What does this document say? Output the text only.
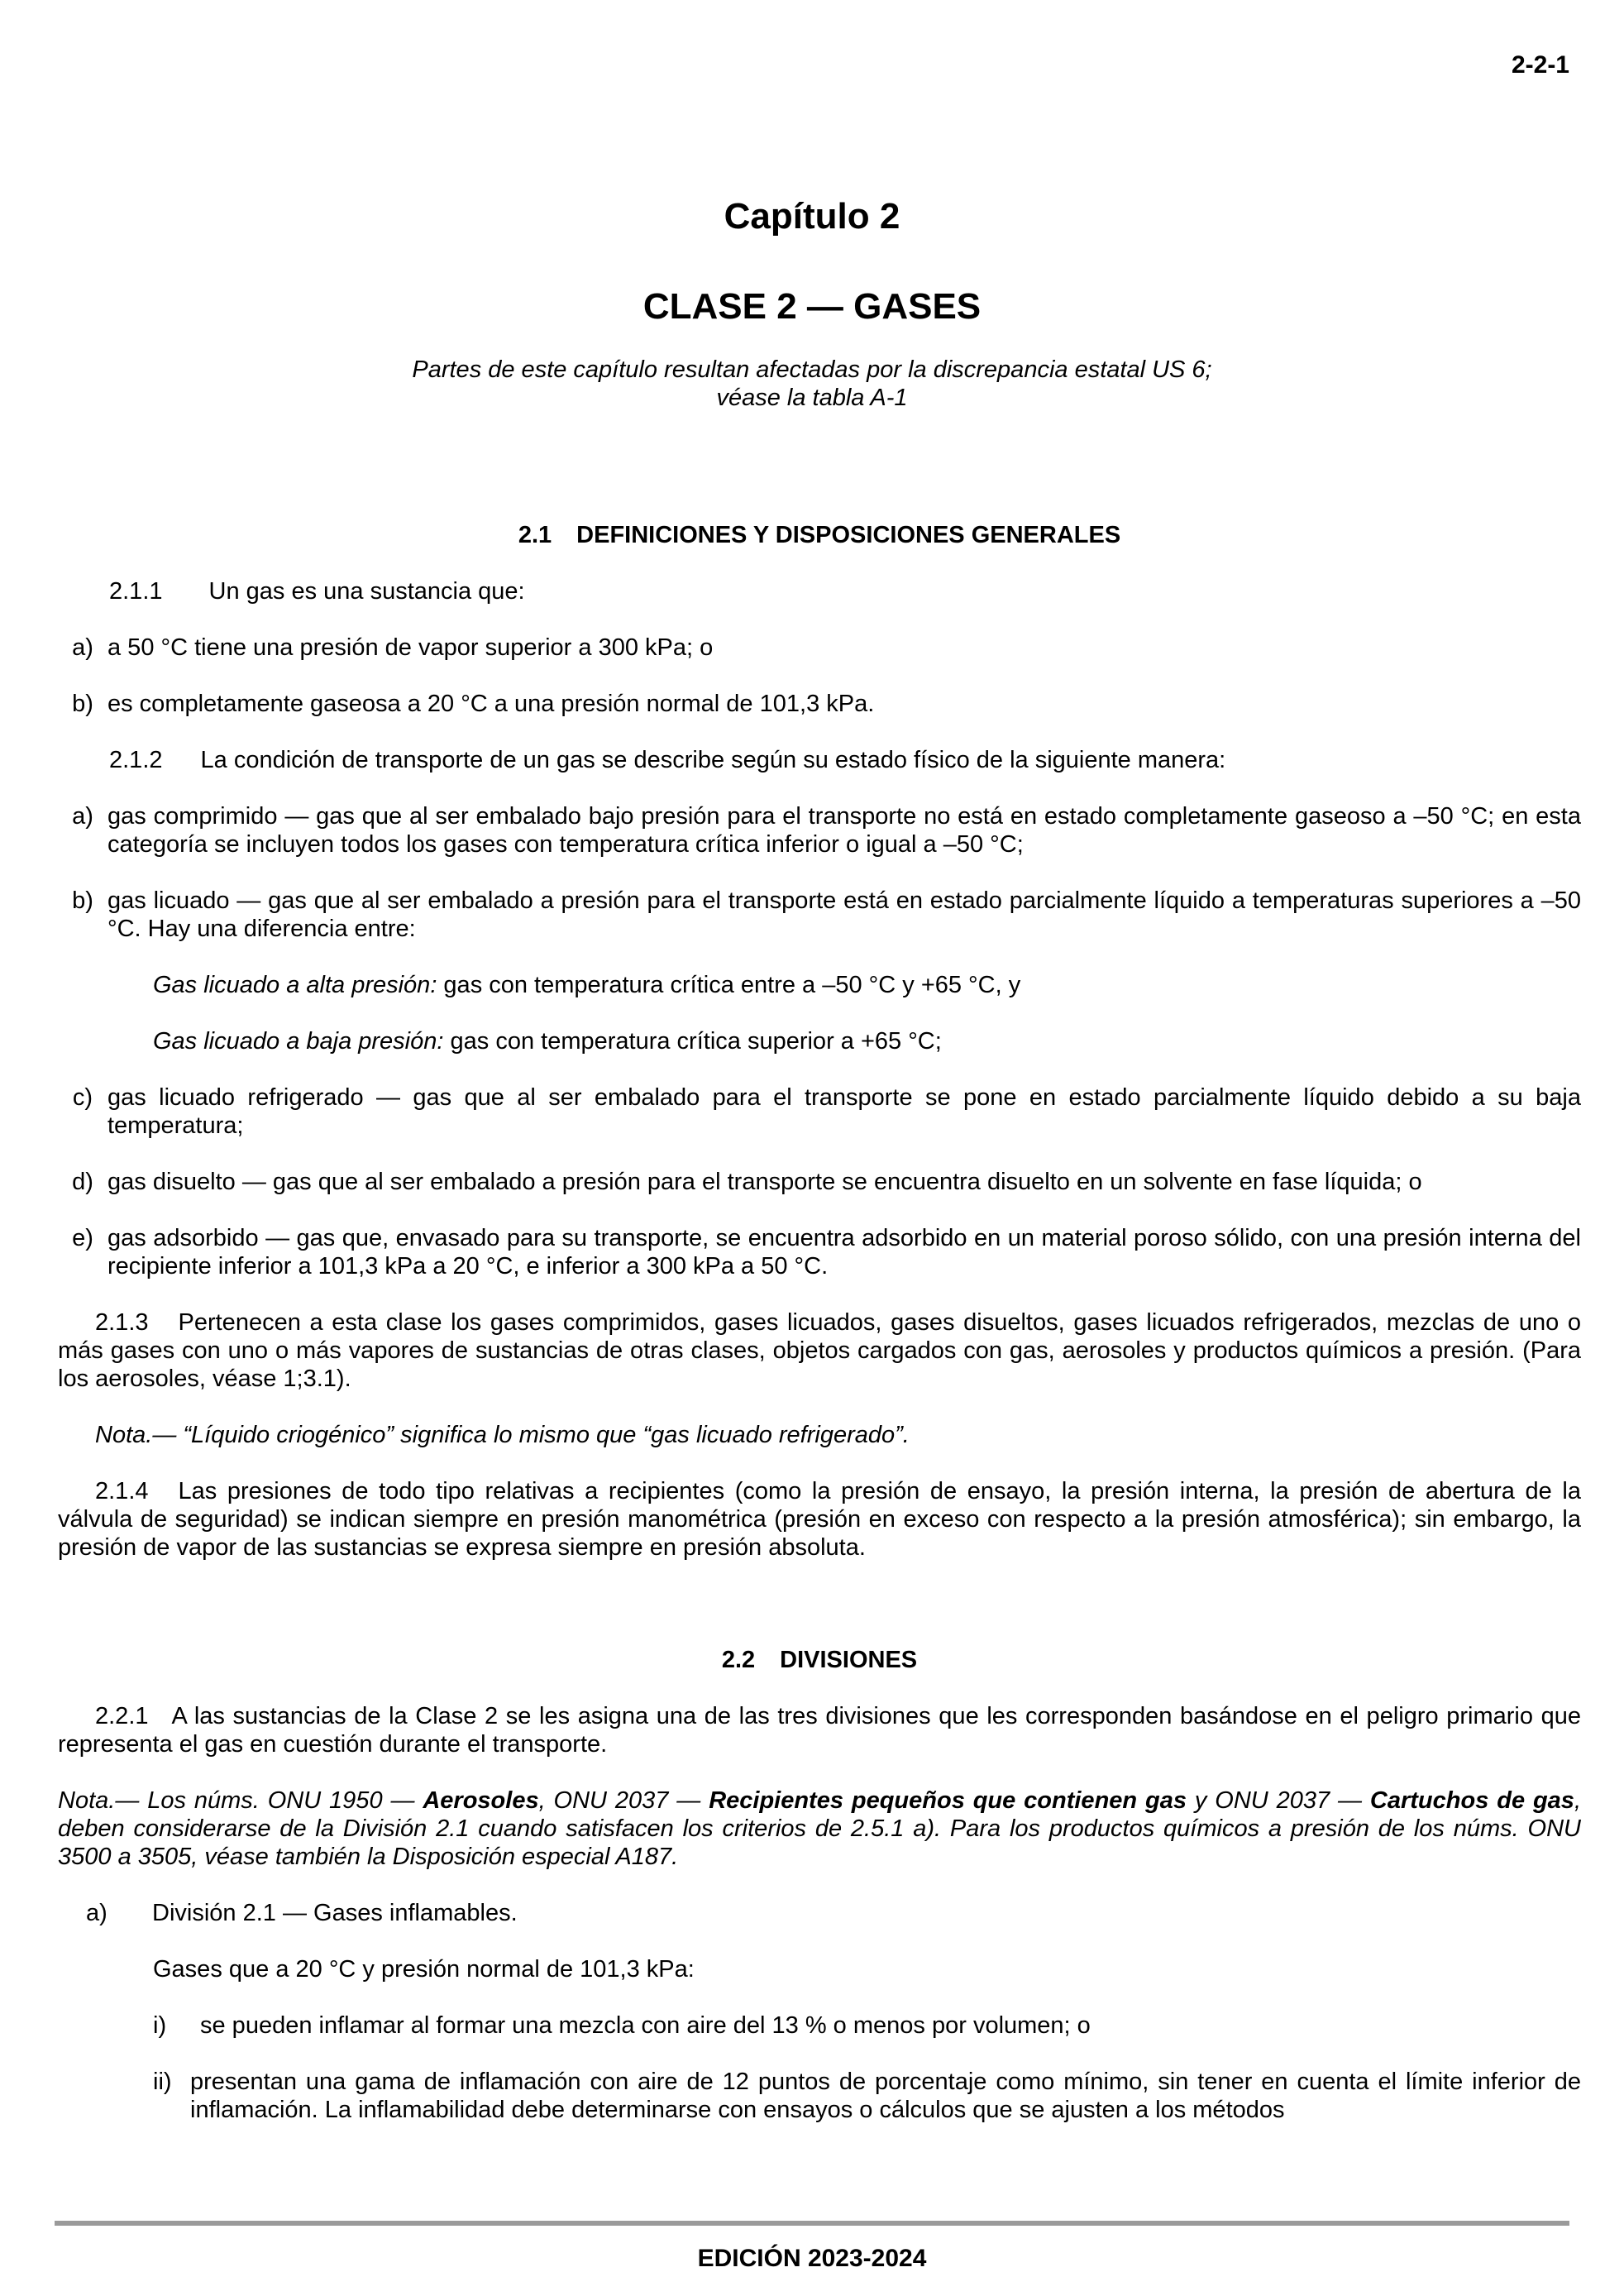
2-2-1
Capítulo 2
CLASE 2 — GASES
Partes de este capítulo resultan afectadas por la discrepancia estatal US 6;
véase la tabla A-1

2.1 DEFINICIONES Y DISPOSICIONES GENERALES

2.1.1 Un gas es una sustancia que:

a) a 50 °C tiene una presión de vapor superior a 300 kPa; o
b) es completamente gaseosa a 20 °C a una presión normal de 101,3 kPa.

2.1.2 La condición de transporte de un gas se describe según su estado físico de la siguiente manera:

a) gas comprimido — gas que al ser embalado bajo presión para el transporte no está en estado completamente gaseoso a –50 °C; en esta categoría se incluyen todos los gases con temperatura crítica inferior o igual a –50 °C;
b) gas licuado — gas que al ser embalado a presión para el transporte está en estado parcialmente líquido a temperaturas superiores a –50 °C. Hay una diferencia entre:

Gas licuado a alta presión: gas con temperatura crítica entre a –50 °C y +65 °C, y

Gas licuado a baja presión: gas con temperatura crítica superior a +65 °C;

c) gas licuado refrigerado — gas que al ser embalado para el transporte se pone en estado parcialmente líquido debido a su baja temperatura;
d) gas disuelto — gas que al ser embalado a presión para el transporte se encuentra disuelto en un solvente en fase líquida; o
e) gas adsorbido — gas que, envasado para su transporte, se encuentra adsorbido en un material poroso sólido, con una presión interna del recipiente inferior a 101,3 kPa a 20 °C, e inferior a 300 kPa a 50 °C.

2.1.3 Pertenecen a esta clase los gases comprimidos, gases licuados, gases disueltos, gases licuados refrigerados, mezclas de uno o más gases con uno o más vapores de sustancias de otras clases, objetos cargados con gas, aerosoles y productos químicos a presión. (Para los aerosoles, véase 1;3.1).

Nota.— “Líquido criogénico” significa lo mismo que “gas licuado refrigerado”.

2.1.4 Las presiones de todo tipo relativas a recipientes (como la presión de ensayo, la presión interna, la presión de abertura de la válvula de seguridad) se indican siempre en presión manométrica (presión en exceso con respecto a la presión atmosférica); sin embargo, la presión de vapor de las sustancias se expresa siempre en presión absoluta.

2.2 DIVISIONES

2.2.1 A las sustancias de la Clase 2 se les asigna una de las tres divisiones que les corresponden basándose en el peligro primario que representa el gas en cuestión durante el transporte.

Nota.— Los núms. ONU 1950 — Aerosoles, ONU 2037 — Recipientes pequeños que contienen gas y ONU 2037 — Cartuchos de gas, deben considerarse de la División 2.1 cuando satisfacen los criterios de 2.5.1 a). Para los productos químicos a presión de los núms. ONU 3500 a 3505, véase también la Disposición especial A187.

a)	División 2.1 — Gases inflamables.

Gases que a 20 °C y presión normal de 101,3 kPa:

i)	se pueden inflamar al formar una mezcla con aire del 13 % o menos por volumen; o
ii) presentan una gama de inflamación con aire de 12 puntos de porcentaje como mínimo, sin tener en cuenta el límite inferior de inflamación. La inflamabilidad debe determinarse con ensayos o cálculos que se ajusten a los métodos
EDICIÓN 2023-2024
